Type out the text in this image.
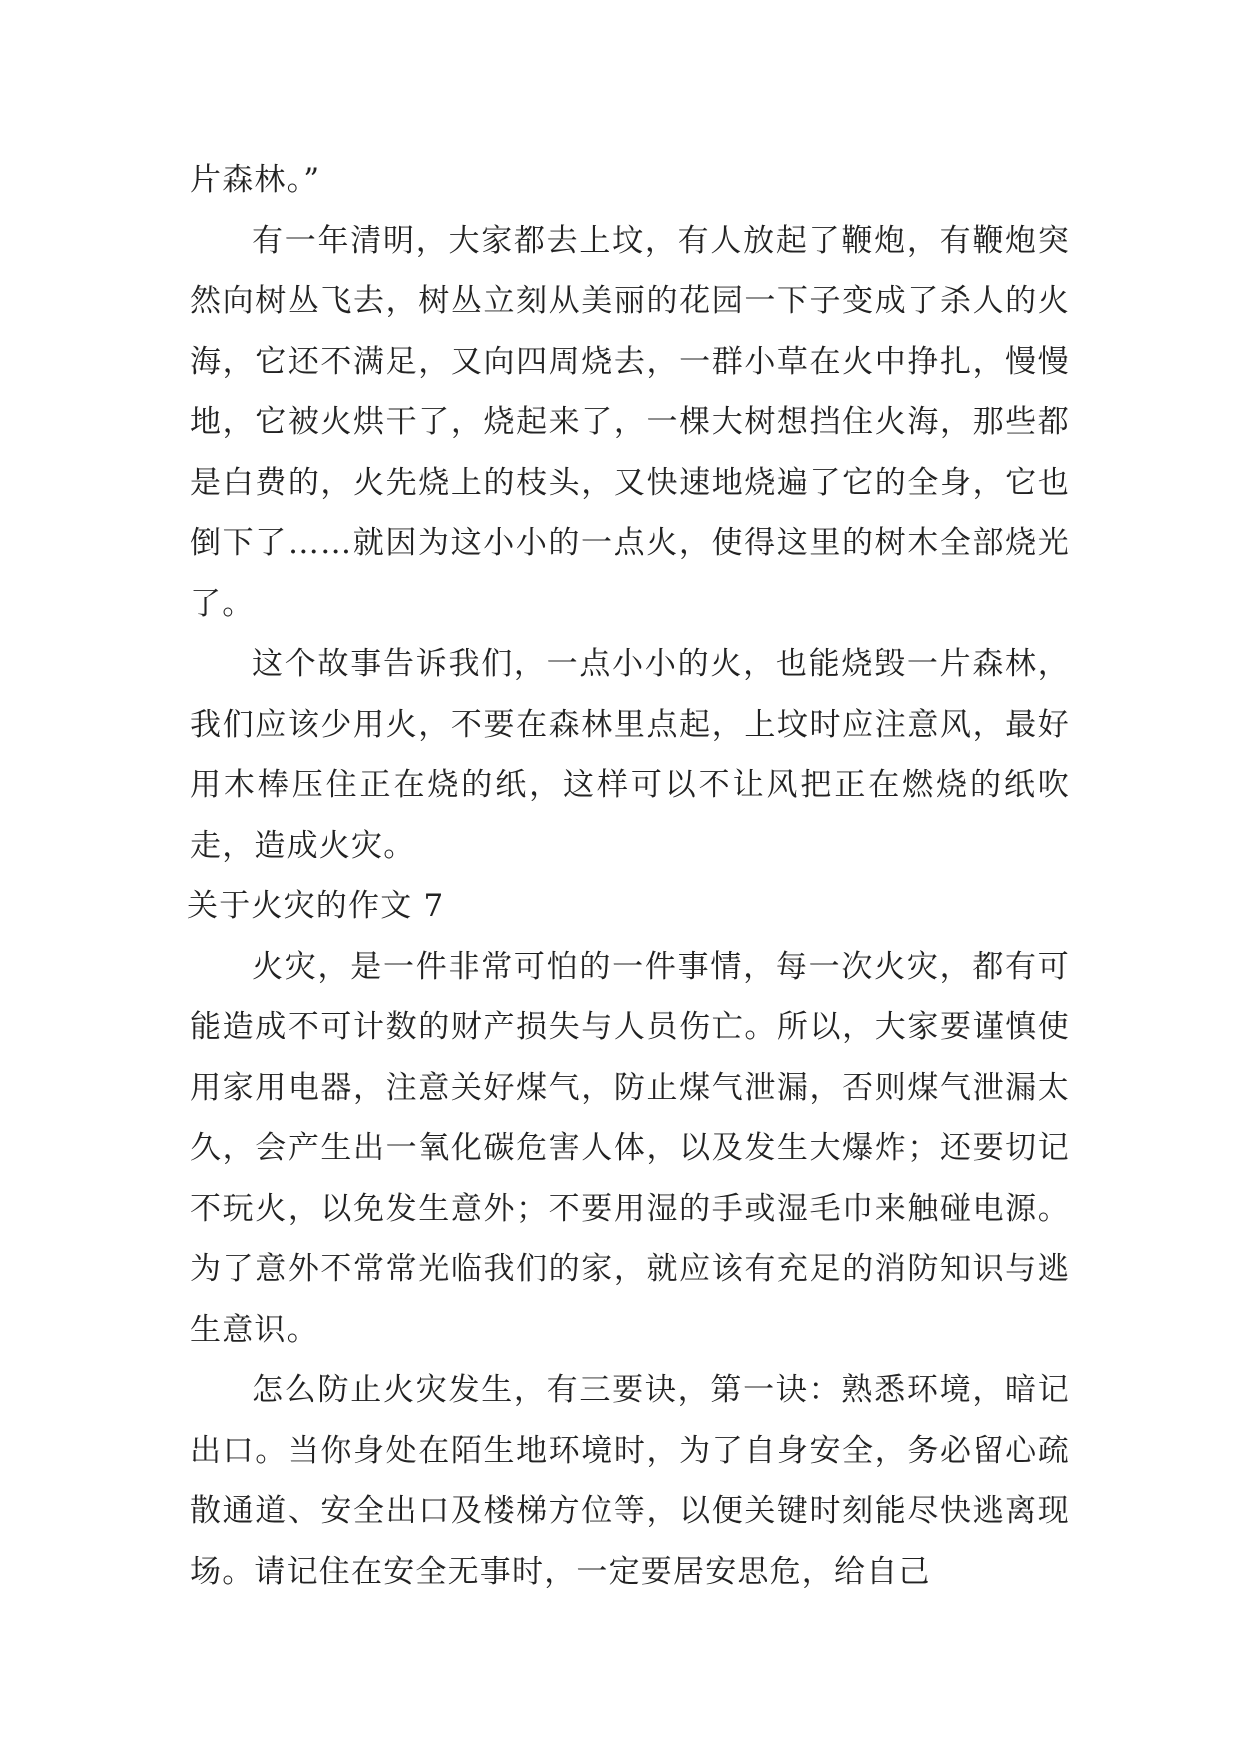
片森林。”

有一年清明，大家都去上坟，有人放起了鞭炮，有鞭炮突然向树丛飞去，树丛立刻从美丽的花园一下子变成了杀人的火海，它还不满足，又向四周烧去，一群小草在火中挣扎，慢慢地，它被火烘干了，烧起来了，一棵大树想挡住火海，那些都是白费的，火先烧上的枝头，又快速地烧遍了它的全身，它也倒下了……就因为这小小的一点火，使得这里的树木全部烧光了。

这个故事告诉我们，一点小小的火，也能烧毁一片森林，我们应该少用火，不要在森林里点起，上坟时应注意风，最好用木棒压住正在烧的纸，这样可以不让风把正在燃烧的纸吹走，造成火灾。

关于火灾的作文 7

火灾，是一件非常可怕的一件事情，每一次火灾，都有可能造成不可计数的财产损失与人员伤亡。所以，大家要谨慎使用家用电器，注意关好煤气，防止煤气泄漏，否则煤气泄漏太久，会产生出一氧化碳危害人体，以及发生大爆炸；还要切记不玩火，以免发生意外；不要用湿的手或湿毛巾来触碰电源。为了意外不常常光临我们的家，就应该有充足的消防知识与逃生意识。

怎么防止火灾发生，有三要诀，第一诀：熟悉环境，暗记出口。当你身处在陌生地环境时，为了自身安全，务必留心疏散通道、安全出口及楼梯方位等，以便关键时刻能尽快逃离现场。请记住在安全无事时，一定要居安思危，给自己
